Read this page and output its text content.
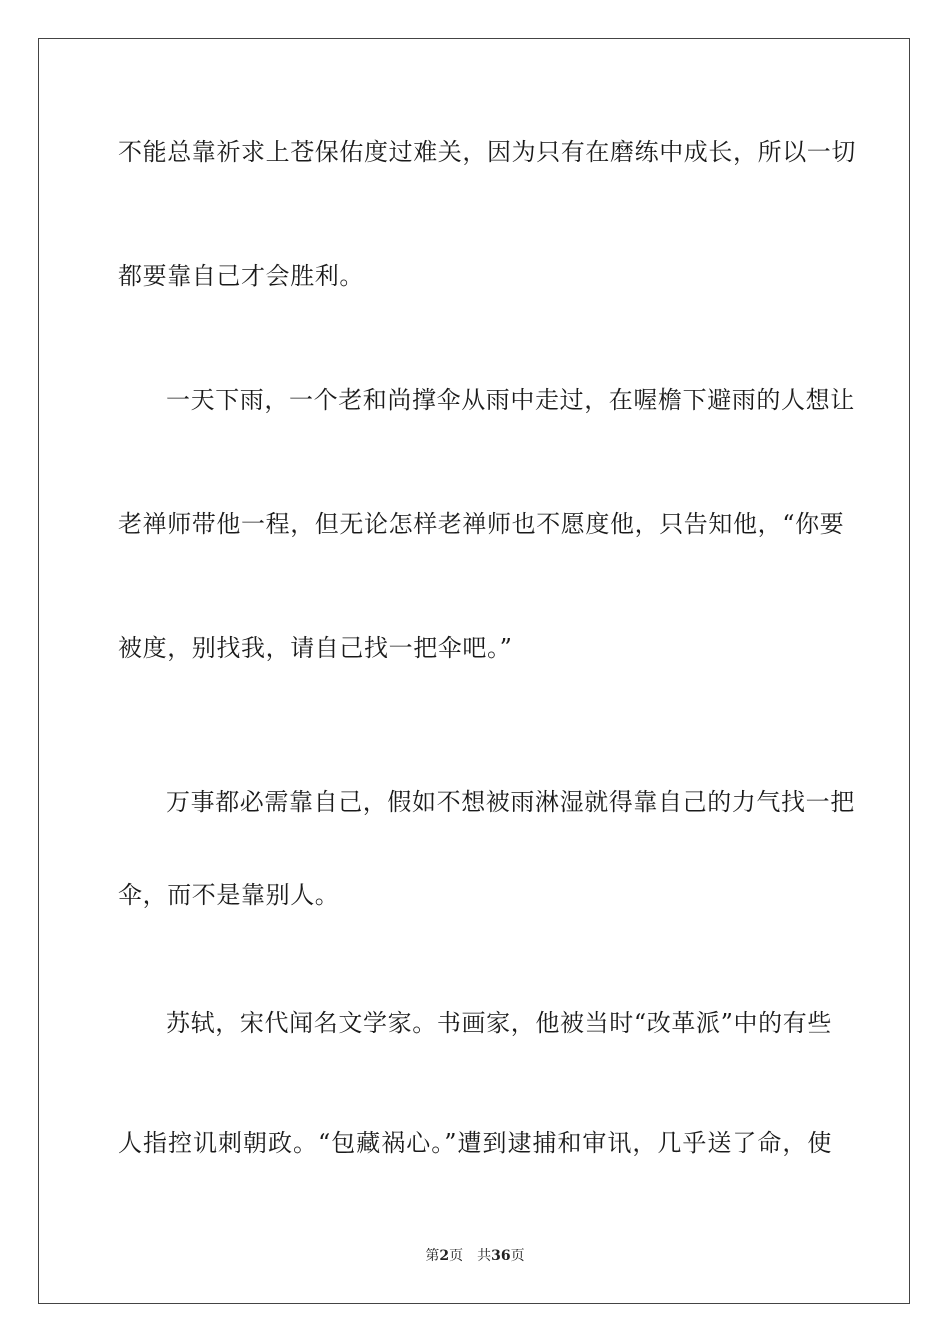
不能总靠祈求上苍保佑度过难关，因为只有在磨练中成长，所以一切
都要靠自己才会胜利。
一天下雨，一个老和尚撑伞从雨中走过，在喔檐下避雨的人想让
老禅师带他一程，但无论怎样老禅师也不愿度他，只告知他，“你要
被度，别找我，请自己找一把伞吧。”
万事都必需靠自己，假如不想被雨淋湿就得靠自己的力气找一把
伞，而不是靠别人。
苏轼，宋代闻名文学家。书画家，他被当时“改革派”中的有些
人指控讥刺朝政。“包藏祸心。”遭到逮捕和审讯，几乎送了命，使
第2页 共36页
